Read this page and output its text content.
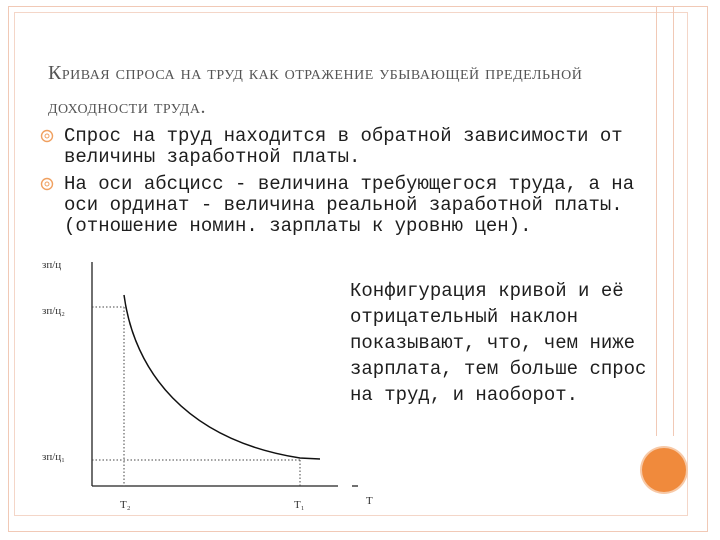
Кривая спроса на труд как отражение убывающей предельной доходности труда.
Спрос на труд находится в обратной зависимости от величины заработной платы.
На оси абсцисс - величина требующегося труда, а на оси ординат - величина реальной заработной платы.(отношение номин. зарплаты к уровню цен).
зп/ц
зп/ц₂
зп/ц₁
T₂	T₁	T
Конфигурация кривой и её отрицательный наклон показывают, что, чем ниже зарплата, тем больше спрос на труд, и наоборот.
